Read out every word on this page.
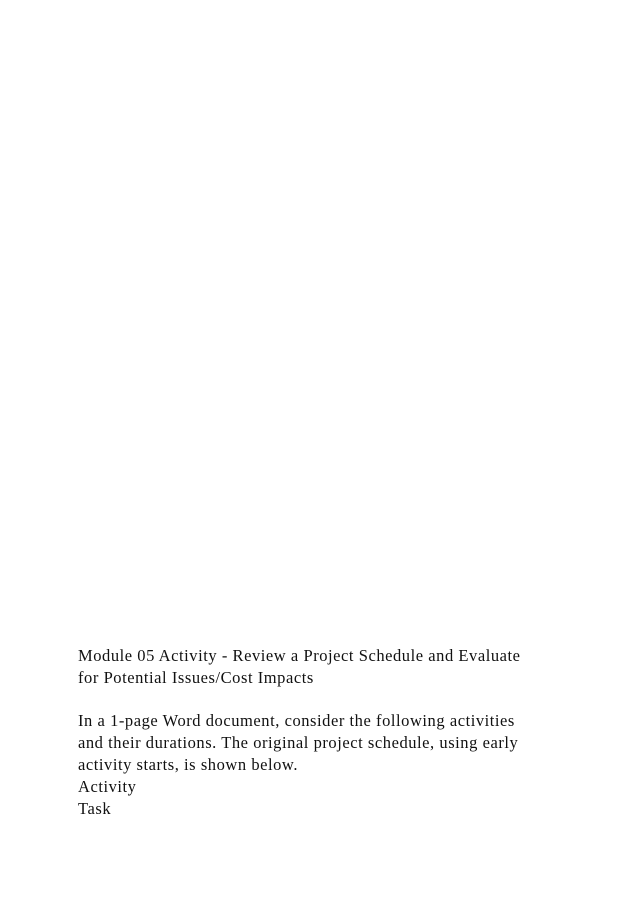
Module 05 Activity - Review a Project Schedule and Evaluate
for Potential Issues/Cost Impacts
In a 1-page Word document, consider the following activities
and their durations. The original project schedule, using early
activity starts, is shown below.
Activity
Task
